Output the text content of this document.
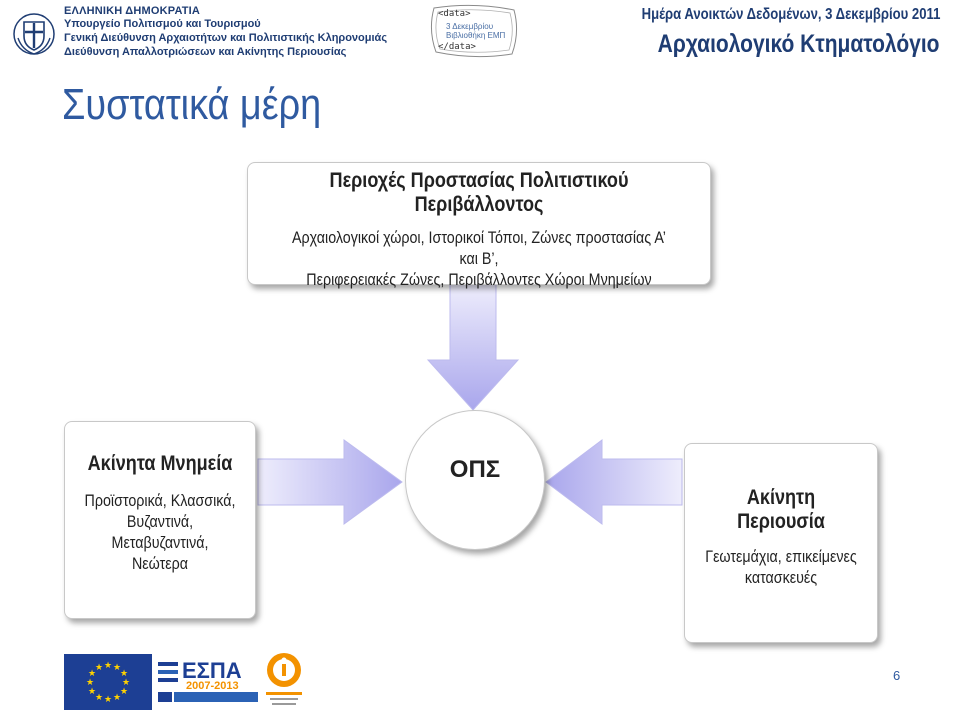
ΕΛΛΗΝΙΚΗ ΔΗΜΟΚΡΑΤΙΑ
Υπουργείο Πολιτισμού και Τουρισμού
Γενική Διεύθυνση Αρχαιοτήτων και Πολιτιστικής Κληρονομιάς
Διεύθυνση Απαλλοτριώσεων και Ακίνητης Περιουσίας
<data>
3 Δεκεμβρίου
Βιβλιοθήκη ΕΜΠ
</data>
Ημέρα Ανοικτών Δεδομένων, 3 Δεκεμβρίου 2011
Αρχαιολογικό Κτηματολόγιο
Συστατικά μέρη
Περιοχές Προστασίας Πολιτιστικού
Περιβάλλοντος
Αρχαιολογικοί χώροι, Ιστορικοί Τόποι, Ζώνες προστασίας Α’ και Β’,
Περιφερειακές Ζώνες, Περιβάλλοντες Χώροι Μνημείων
Ακίνητα Μνημεία
Προϊστορικά, Κλασσικά,
Βυζαντινά,
Μεταβυζαντινά,
Νεώτερα
Ακίνητη
Περιουσία
Γεωτεμάχια, επικείμενες
κατασκευές
ΟΠΣ
★ ★
★
★
★
★
★
★
★
★
★
★	ΕΣΠΑ
2007-2013
6
